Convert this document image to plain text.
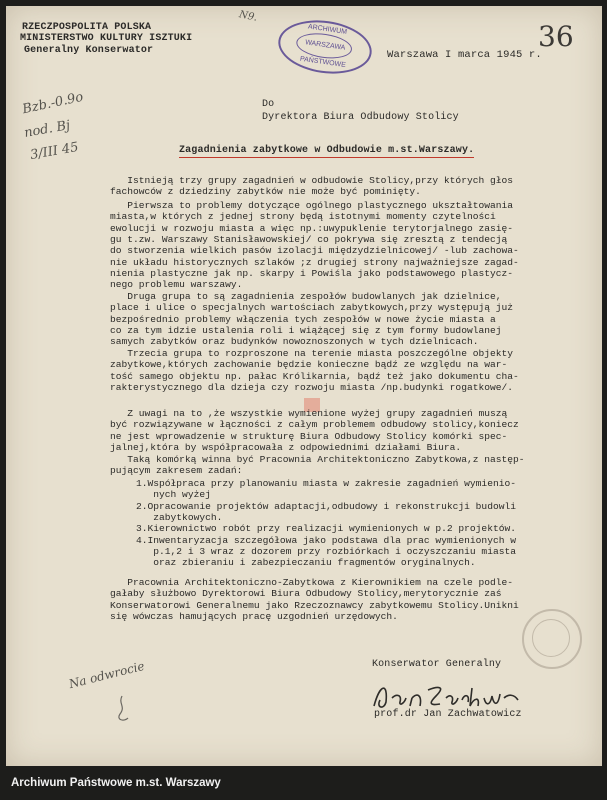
RZECZPOSPOLITA POLSKA
MINISTERSTWO KULTURY ISZTUKI
Generalny Konserwator
N9.
ARCHIWUM
WARSZAWA
PAŃSTWOWE
Warszawa I marca 1945 r.
36
Do
Dyrektora Biura Odbudowy Stolicy
Zagadnienia zabytkowe w Odbudowie m.st.Warszawy.
Bzb.-0.9o
nod. Bj
3/III 45
Istnieją trzy grupy zagadnień w odbudowie Stolicy,przy których głos
fachowców z dziedziny zabytków nie może być pominięty.
Pierwsza to problemy dotyczące ogólnego plastycznego ukształtowania
miasta,w których z jednej strony będą istotnymi momenty czytelności
ewolucji w rozwoju miasta a więc np.:uwypuklenie terytorjalnego zasię-
gu t.zw. Warszawy Stanisławowskiej/ co pokrywa się zresztą z tendecją
do stworzenia wielkich pasów izolacji międzydzielnicowej/ -lub zachowa-
nie układu historycznych szlaków ;z drugiej strony najważniejsze zagad-
nienia plastyczne jak np. skarpy i Powiśla jako podstawowego plastycz-
nego problemu warszawy.
Druga grupa to są zagadnienia zespołów budowlanych jak dzielnice,
place i ulice o specjalnych wartościach zabytkowych,przy występują już
bezpośrednio problemy włączenia tych zespołów w nowe życie miasta a
co za tym idzie ustalenia roli i wiążącej się z tym formy budowlanej
samych zabytków oraz budynków nowoznoszonych w tych dzielnicach.
Trzecia grupa to rozproszone na terenie miasta poszczególne objekty
zabytkowe,których zachowanie będzie konieczne bądź ze względu na war-
tość samego objektu np. pałac Królikarnia, bądź też jako dokumentu cha-
rakterystycznego dla dzieja czy rozwoju miasta /np.budynki rogatkowe/.
Z uwagi na to ,że wszystkie wymienione wyżej grupy zagadnień muszą
być rozwiązywane w łączności z całym problemem odbudowy stolicy,koniecz
ne jest wprowadzenie w strukturę Biura Odbudowy Stolicy komórki spec-
jalnej,która by współpracowała z odpowiednimi działami Biura.
Taką komórką winna być Pracownia Architektoniczno Zabytkowa,z następ-
pującym zakresem zadań:
1.Współpraca przy planowaniu miasta w zakresie zagadnień wymienio-
nych wyżej
2.Opracowanie projektów adaptacji,odbudowy i rekonstrukcji budowli
zabytkowych.
3.Kierownictwo robót przy realizacji wymienionych w p.2 projektów.
4.Inwentaryzacja szczegółowa jako podstawa dla prac wymienionych w
p.1,2 i 3 wraz z dozorem przy rozbiórkach i oczyszczaniu miasta
oraz zbieraniu i zabezpieczaniu fragmentów oryginalnych.
Pracownia Architektoniczno-Zabytkowa z Kierownikiem na czele podle-
gałaby służbowo Dyrektorowi Biura Odbudowy Stolicy,merytorycznie zaś
Konserwatorowi Generalnemu jako Rzeczoznawcy zabytkowemu Stolicy.Unikni
się wówczas hamujących pracę uzgodnień urzędowych.
Konserwator Generalny
prof.dr Jan Zachwatowicz
Na odwrocie
Archiwum Państwowe m.st. Warszawy
